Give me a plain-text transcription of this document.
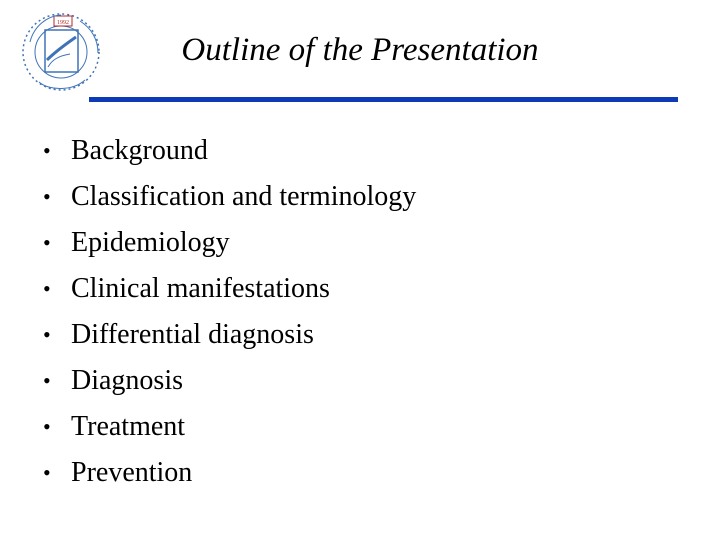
1992
Outline of the Presentation
• Background
• Classification and terminology
• Epidemiology
• Clinical manifestations
• Differential diagnosis
• Diagnosis
• Treatment
• Prevention
